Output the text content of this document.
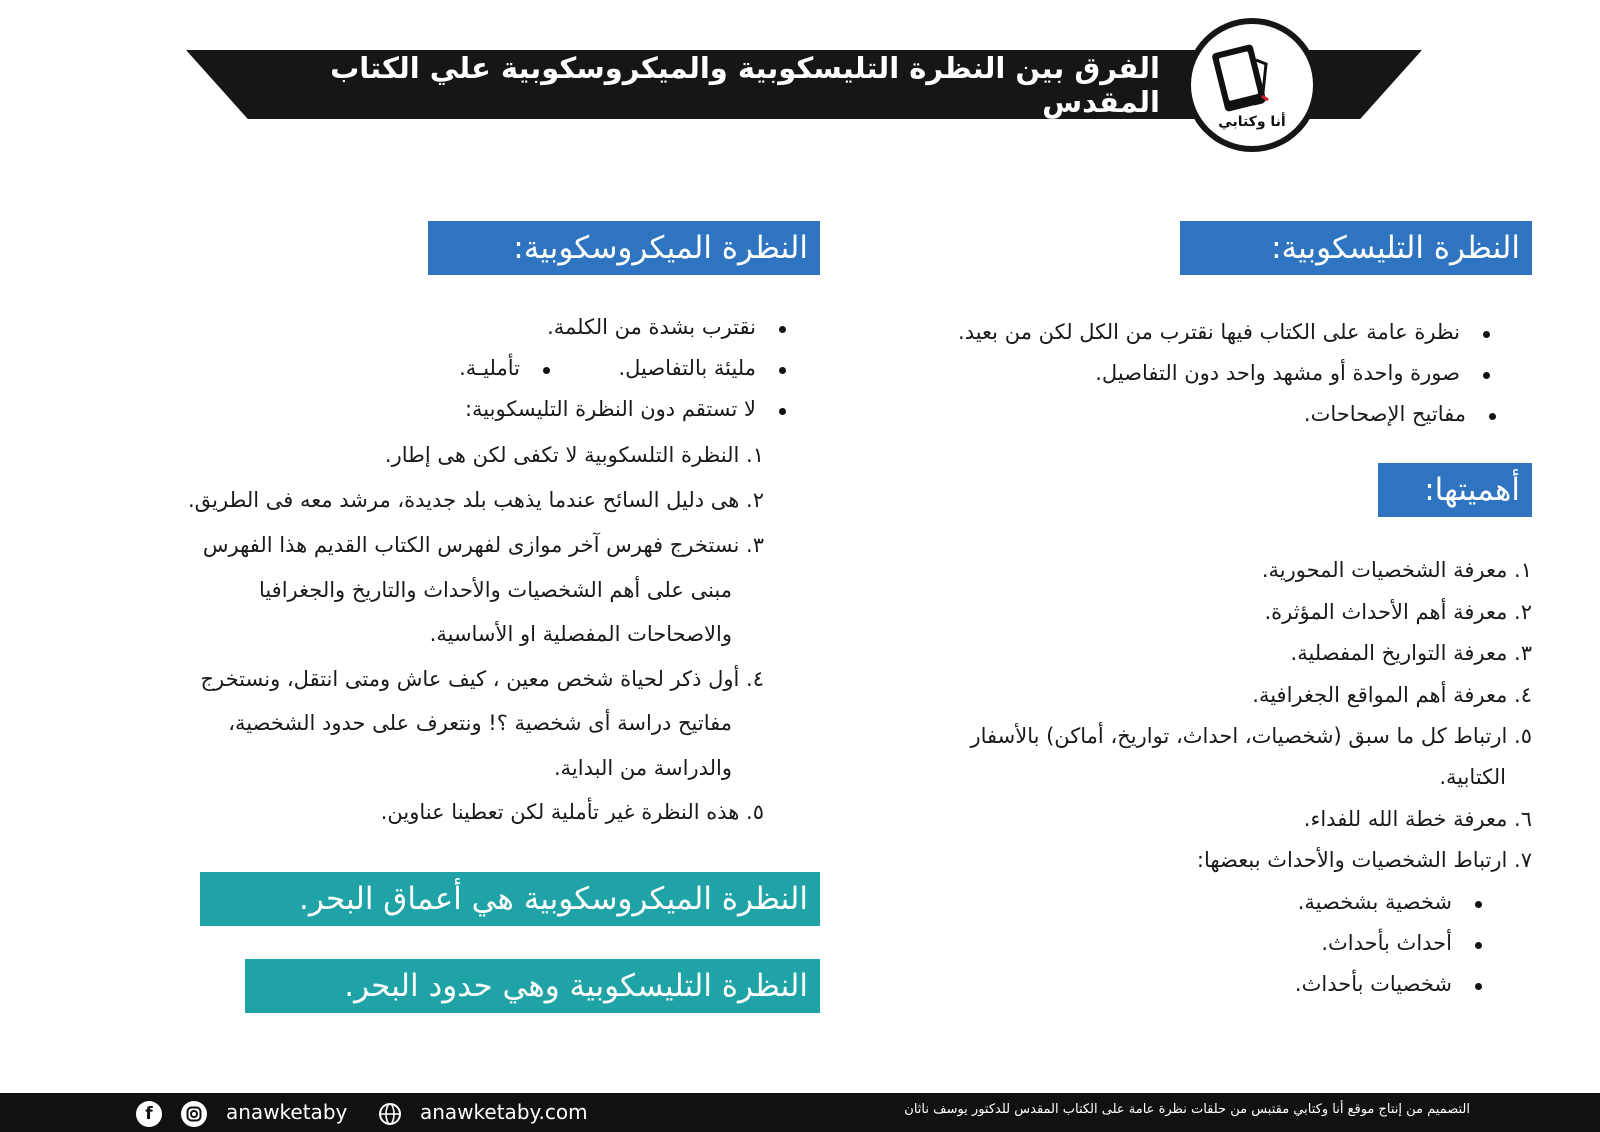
الفرق بين النظرة التليسكوبية والميكروسكوبية علي الكتاب المقدس
أنا وكتابي
النظرة التليسكوبية:
نظرة عامة على الكتاب فيها نقترب من الكل لكن من بعيد.
صورة واحدة أو مشهد واحد دون التفاصيل.
مفاتيح الإصحاحات.
أهميتها:
١. معرفة الشخصيات المحورية.
٢. معرفة أهم الأحداث المؤثرة.
٣. معرفة التواريخ المفصلية.
٤. معرفة أهم المواقع الجغرافية.
٥. ارتباط كل ما سبق (شخصيات، احداث، تواريخ، أماكن) بالأسفار
الكتابية.
٦. معرفة خطة الله للفداء.
٧. ارتباط الشخصيات والأحداث ببعضها:
شخصية بشخصية.
أحداث بأحداث.
شخصيات بأحداث.
النظرة الميكروسكوبية:
نقترب بشدة من الكلمة.
مليئة بالتفاصيل.
تأمليـة.
لا تستقم دون النظرة التليسكوبية:
١. النظرة التلسكوبية لا تكفى لكن هى إطار.
٢. هى دليل السائح عندما يذهب بلد جديدة، مرشد معه فى الطريق.
٣. نستخرج فهرس آخر موازى لفهرس الكتاب القديم هذا الفهرس
مبنى على أهم الشخصيات والأحداث والتاريخ والجغرافيا
والاصحاحات المفصلية او الأساسية.
٤. أول ذكر لحياة شخص معين ، كيف عاش ومتى انتقل، ونستخرج
مفاتيح دراسة أى شخصية ؟! ونتعرف على حدود الشخصية،
والدراسة من البداية.
٥. هذه النظرة غير تأملية لكن تعطينا عناوين.
النظرة الميكروسكوبية هي أعماق البحر.
النظرة التليسكوبية وهي حدود البحر.
f	anawketaby	anawketaby.com	التصميم من إنتاج موقع أنا وكتابي مقتبس من حلقات نظرة عامة على الكتاب المقدس للدكتور يوسف ناثان
